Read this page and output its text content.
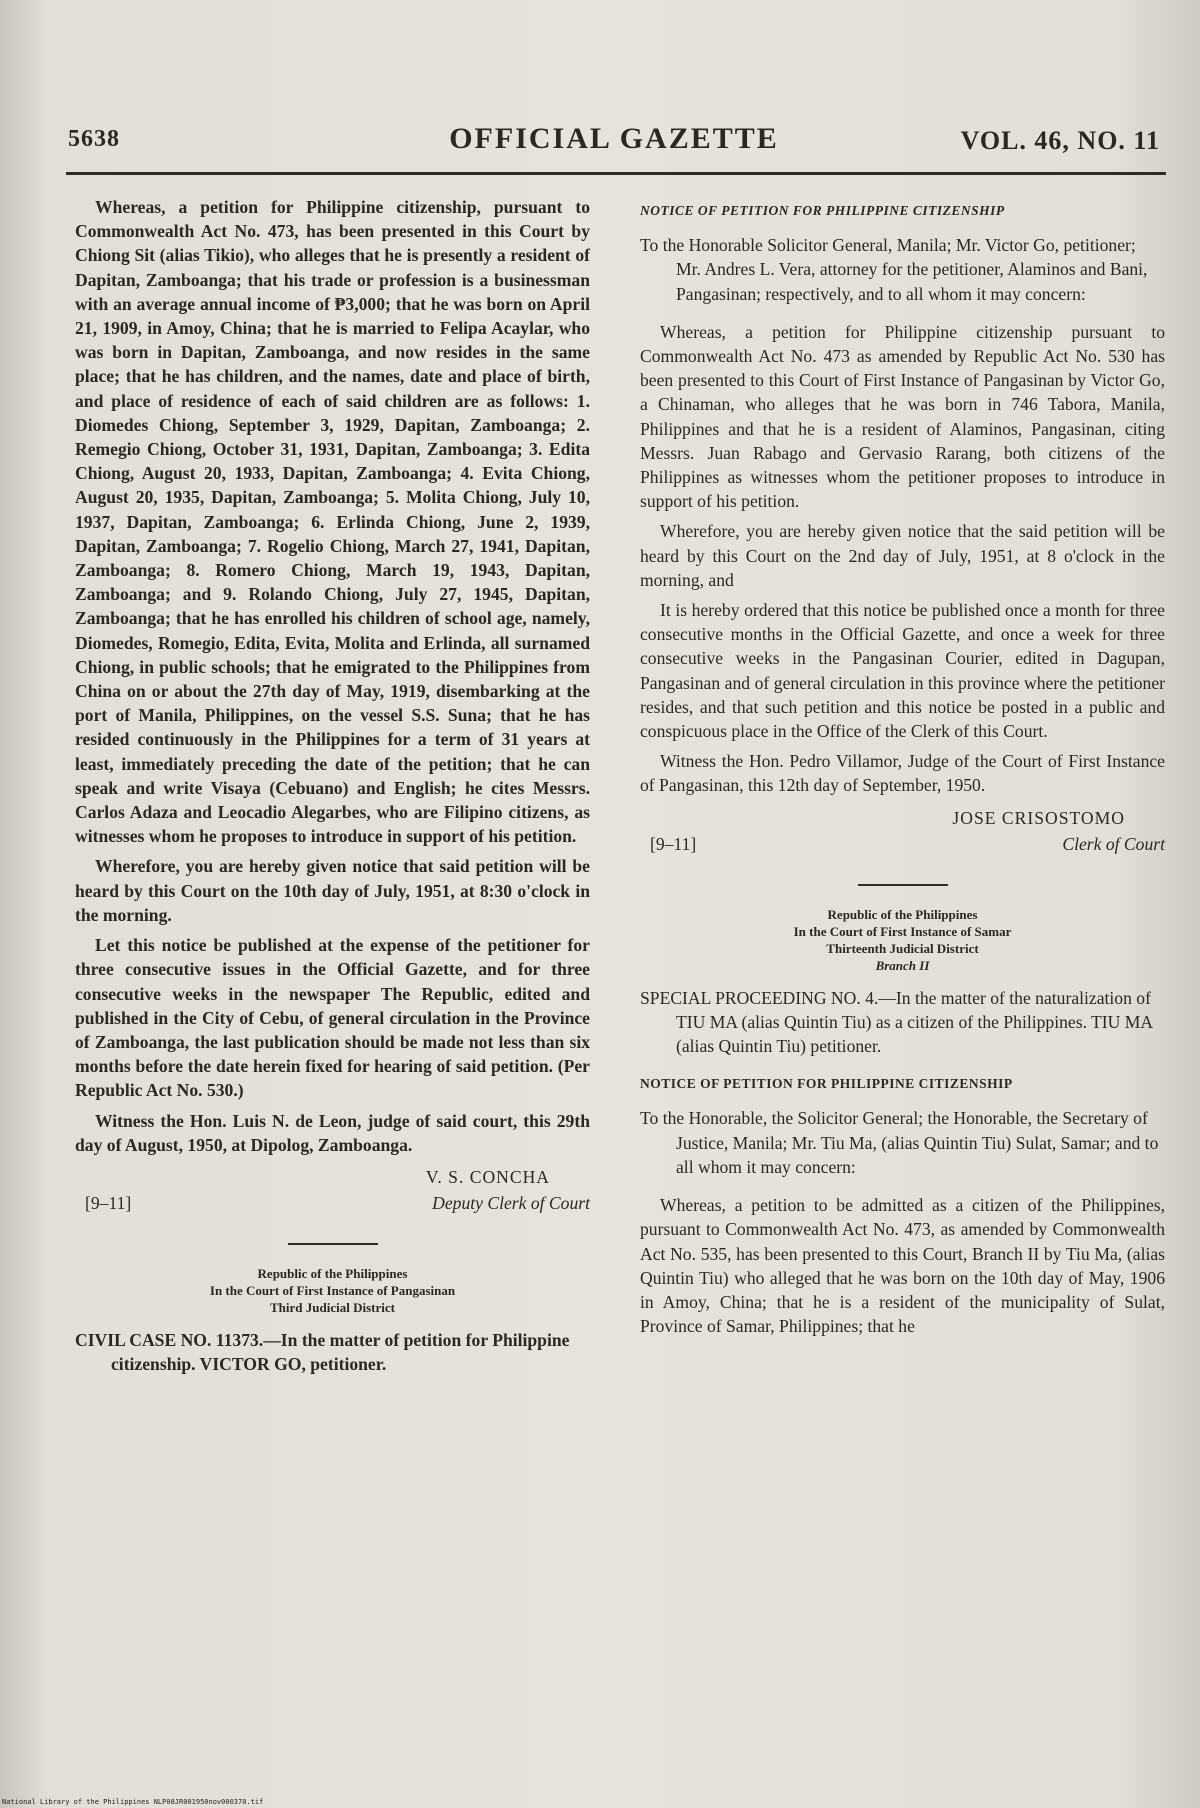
5638	OFFICIAL GAZETTE	VOL. 46, NO. 11

Whereas, a petition for Philippine citizenship, pursuant to Commonwealth Act No. 473, has been presented in this Court by Chiong Sit (alias Tikio), who alleges that he is presently a resident of Dapitan, Zamboanga; that his trade or profession is a businessman with an average annual income of ₱3,000; that he was born on April 21, 1909, in Amoy, China; that he is married to Felipa Acaylar, who was born in Dapitan, Zamboanga, and now resides in the same place; that he has children, and the names, date and place of birth, and place of residence of each of said children are as follows: 1. Diomedes Chiong, September 3, 1929, Dapitan, Zamboanga; 2. Remegio Chiong, October 31, 1931, Dapitan, Zamboanga; 3. Edita Chiong, August 20, 1933, Dapitan, Zamboanga; 4. Evita Chiong, August 20, 1935, Dapitan, Zamboanga; 5. Molita Chiong, July 10, 1937, Dapitan, Zamboanga; 6. Erlinda Chiong, June 2, 1939, Dapitan, Zamboanga; 7. Rogelio Chiong, March 27, 1941, Dapitan, Zamboanga; 8. Romero Chiong, March 19, 1943, Dapitan, Zamboanga; and 9. Rolando Chiong, July 27, 1945, Dapitan, Zamboanga; that he has enrolled his children of school age, namely, Diomedes, Romegio, Edita, Evita, Molita and Erlinda, all surnamed Chiong, in public schools; that he emigrated to the Philippines from China on or about the 27th day of May, 1919, disembarking at the port of Manila, Philippines, on the vessel S.S. Suna; that he has resided continuously in the Philippines for a term of 31 years at least, immediately preceding the date of the petition; that he can speak and write Visaya (Cebuano) and English; he cites Messrs. Carlos Adaza and Leocadio Alegarbes, who are Filipino citizens, as witnesses whom he proposes to introduce in support of his petition.

Wherefore, you are hereby given notice that said petition will be heard by this Court on the 10th day of July, 1951, at 8:30 o'clock in the morning.

Let this notice be published at the expense of the petitioner for three consecutive issues in the Official Gazette, and for three consecutive weeks in the newspaper The Republic, edited and published in the City of Cebu, of general circulation in the Province of Zamboanga, the last publication should be made not less than six months before the date herein fixed for hearing of said petition. (Per Republic Act No. 530.)

Witness the Hon. Luis N. de Leon, judge of said court, this 29th day of August, 1950, at Dipolog, Zamboanga.

V. S. CONCHA
[9–11]	Deputy Clerk of Court
Republic of the Philippines
In the Court of First Instance of Pangasinan
Third Judicial District

CIVIL CASE NO. 11373.—In the matter of petition for Philippine citizenship. VICTOR GO, petitioner.

NOTICE OF PETITION FOR PHILIPPINE CITIZENSHIP

To the Honorable Solicitor General, Manila; Mr. Victor Go, petitioner; Mr. Andres L. Vera, attorney for the petitioner, Alaminos and Bani, Pangasinan; respectively, and to all whom it may concern:

Whereas, a petition for Philippine citizenship pursuant to Commonwealth Act No. 473 as amended by Republic Act No. 530 has been presented to this Court of First Instance of Pangasinan by Victor Go, a Chinaman, who alleges that he was born in 746 Tabora, Manila, Philippines and that he is a resident of Alaminos, Pangasinan, citing Messrs. Juan Rabago and Gervasio Rarang, both citizens of the Philippines as witnesses whom the petitioner proposes to introduce in support of his petition.

Wherefore, you are hereby given notice that the said petition will be heard by this Court on the 2nd day of July, 1951, at 8 o'clock in the morning, and

It is hereby ordered that this notice be published once a month for three consecutive months in the Official Gazette, and once a week for three consecutive weeks in the Pangasinan Courier, edited in Dagupan, Pangasinan and of general circulation in this province where the petitioner resides, and that such petition and this notice be posted in a public and conspicuous place in the Office of the Clerk of this Court.

Witness the Hon. Pedro Villamor, Judge of the Court of First Instance of Pangasinan, this 12th day of September, 1950.

JOSE CRISOSTOMO
[9–11]	Clerk of Court
Republic of the Philippines
In the Court of First Instance of Samar
Thirteenth Judicial District
Branch II

SPECIAL PROCEEDING NO. 4.—In the matter of the naturalization of TIU MA (alias Quintin Tiu) as a citizen of the Philippines. TIU MA (alias Quintin Tiu) petitioner.

NOTICE OF PETITION FOR PHILIPPINE CITIZENSHIP

To the Honorable, the Solicitor General; the Honorable, the Secretary of Justice, Manila; Mr. Tiu Ma, (alias Quintin Tiu) Sulat, Samar; and to all whom it may concern:

Whereas, a petition to be admitted as a citizen of the Philippines, pursuant to Commonwealth Act No. 473, as amended by Commonwealth Act No. 535, has been presented to this Court, Branch II by Tiu Ma, (alias Quintin Tiu) who alleged that he was born on the 10th day of May, 1906 in Amoy, China; that he is a resident of the municipality of Sulat, Province of Samar, Philippines; that he

National Library of the Philippines NLP08JR001950nov000370.tif
